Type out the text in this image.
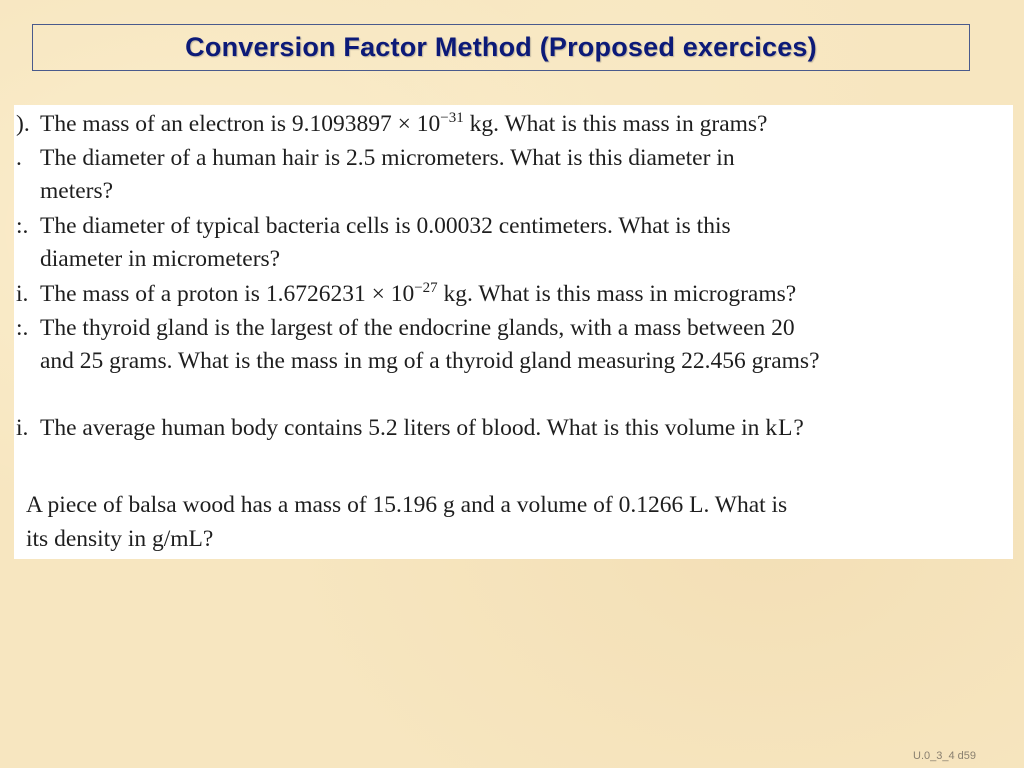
Conversion Factor Method (Proposed exercices)
). The mass of an electron is $9.1093897 \times 10^{-31}$ kg. What is this mass in grams?
. The diameter of a human hair is 2.5 micrometers. What is this diameter in
meters?
:. The diameter of typical bacteria cells is 0.00032 centimeters. What is this
diameter in micrometers?
i. The mass of a proton is $1.6726231 \times 10^{-27}$ kg. What is this mass in micrograms?
:. The thyroid gland is the largest of the endocrine glands, with a mass between 20
and 25 grams. What is the mass in mg of a thyroid gland measuring 22.456 grams?
i. The average human body contains 5.2 liters of blood. What is this volume in kL?
A piece of balsa wood has a mass of 15.196 g and a volume of 0.1266 L. What is
its density in g/mL?
U.0_3_4 d59
